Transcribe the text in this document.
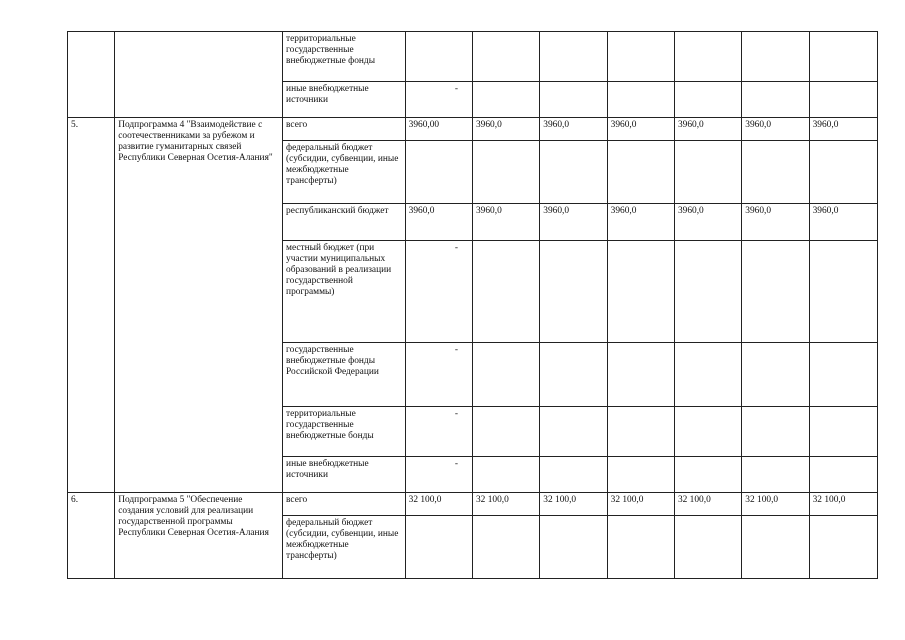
		территориальные государственные внебюджетные фонды							
		иные внебюджетные источники	-						
5.	Подпрограмма 4 "Взаимодействие с соотечественниками за рубежом и развитие гуманитарных связей Республики Северная Осетия-Алания"	всего	3960,00	3960,0	3960,0	3960,0	3960,0	3960,0	3960,0
		федеральный бюджет (субсидии, субвенции, иные межбюджетные трансферты)							
		республиканский бюджет	3960,0	3960,0	3960,0	3960,0	3960,0	3960,0	3960,0
		местный бюджет (при участии муниципальных образований в реализации государственной программы)	-						
		государственные внебюджетные фонды Российской Федерации	-						
		территориальные государственные внебюджетные бонды	-						
		иные внебюджетные источники	-						
6.	Подпрограмма 5 "Обеспечение создания условий для реализации государственной программы Республики Северная Осетия-Алания	всего	32 100,0	32 100,0	32 100,0	32 100,0	32 100,0	32 100,0	32 100,0
		федеральный бюджет (субсидии, субвенции, иные межбюджетные трансферты)							
